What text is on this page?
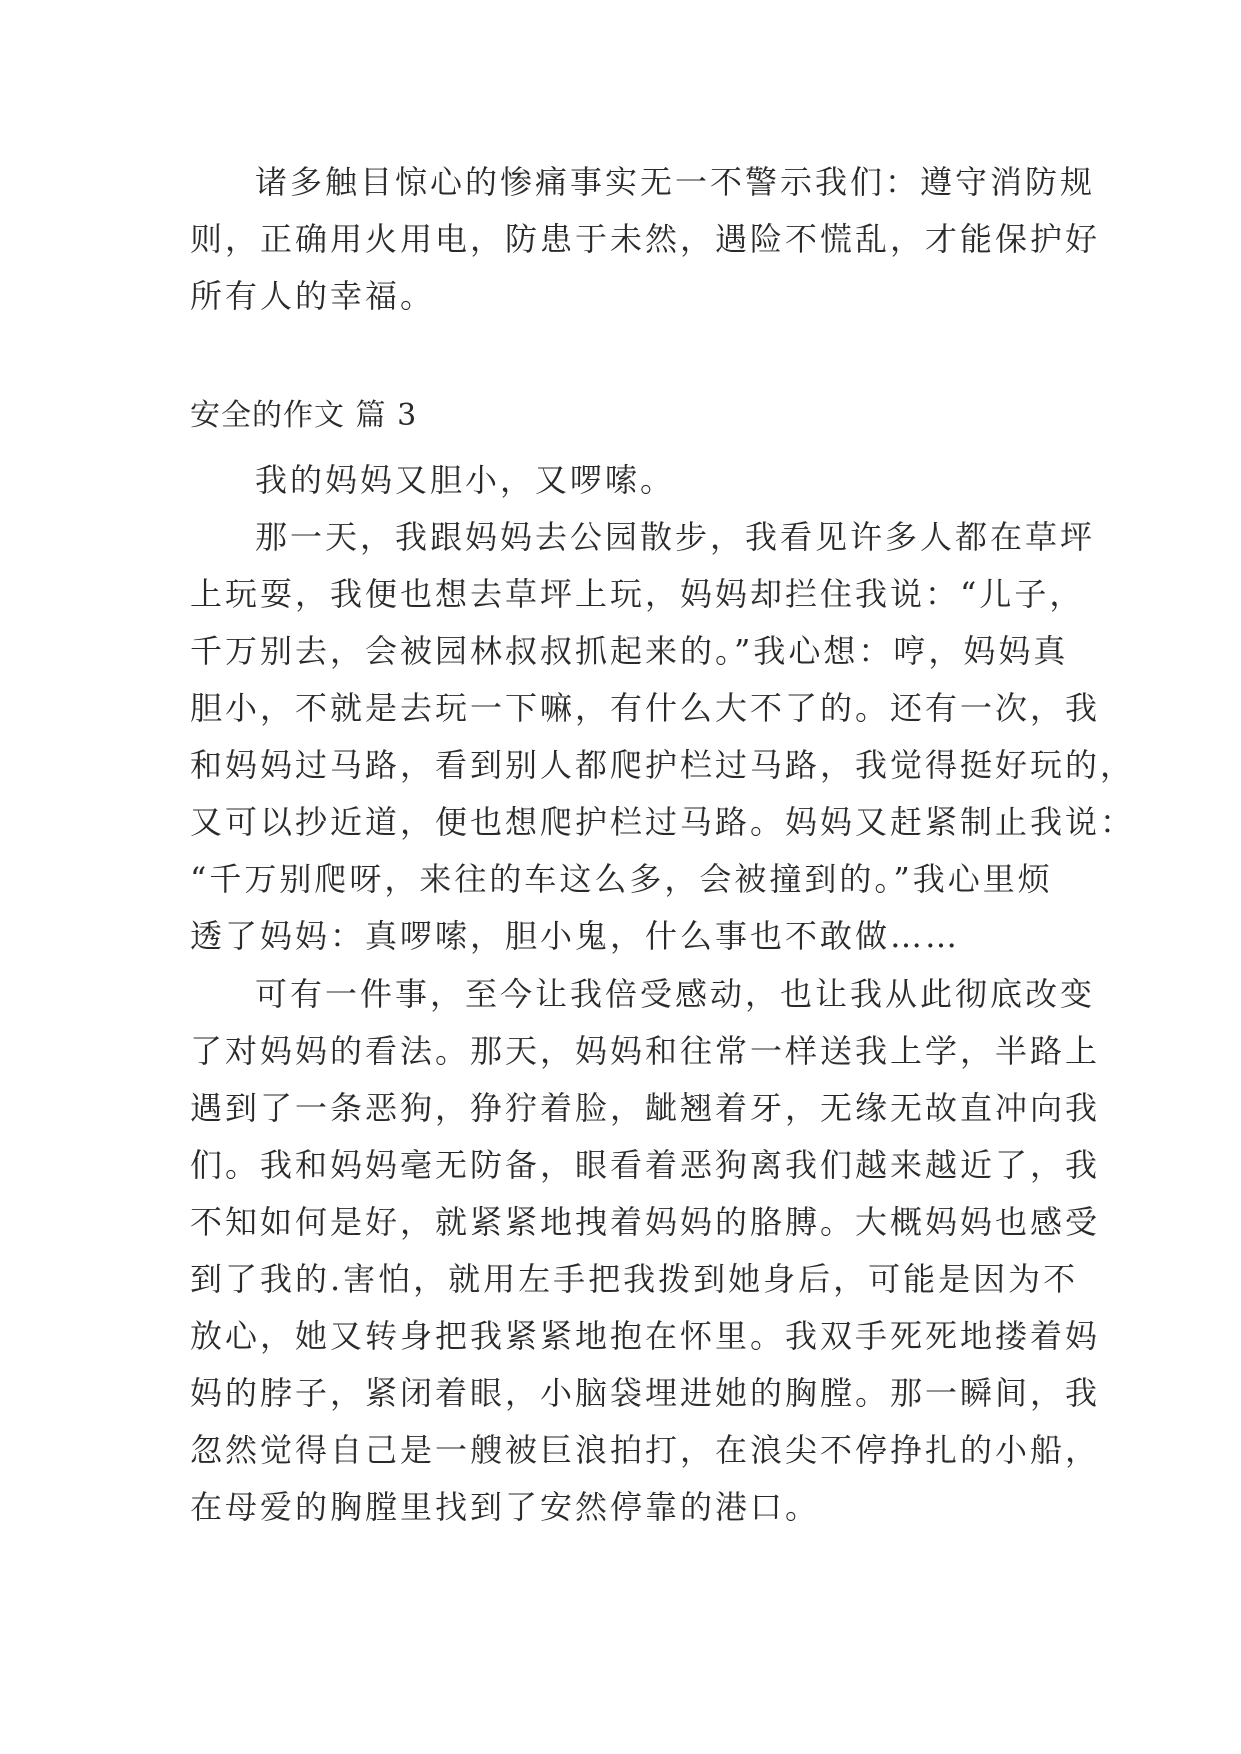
诸多触目惊心的惨痛事实无一不警示我们：遵守消防规
则，正确用火用电，防患于未然，遇险不慌乱，才能保护好
所有人的幸福。
安全的作文 篇 3
我的妈妈又胆小，又啰嗦。
那一天，我跟妈妈去公园散步，我看见许多人都在草坪
上玩耍，我便也想去草坪上玩，妈妈却拦住我说：“儿子，
千万别去，会被园林叔叔抓起来的。”我心想：哼，妈妈真
胆小，不就是去玩一下嘛，有什么大不了的。还有一次，我
和妈妈过马路，看到别人都爬护栏过马路，我觉得挺好玩的，
又可以抄近道，便也想爬护栏过马路。妈妈又赶紧制止我说：
“千万别爬呀，来往的车这么多，会被撞到的。”我心里烦
透了妈妈：真啰嗦，胆小鬼，什么事也不敢做……
可有一件事，至今让我倍受感动，也让我从此彻底改变
了对妈妈的看法。那天，妈妈和往常一样送我上学，半路上
遇到了一条恶狗，狰狞着脸，龇翘着牙，无缘无故直冲向我
们。我和妈妈毫无防备，眼看着恶狗离我们越来越近了，我
不知如何是好，就紧紧地拽着妈妈的胳膊。大概妈妈也感受
到了我的.害怕，就用左手把我拨到她身后，可能是因为不
放心，她又转身把我紧紧地抱在怀里。我双手死死地搂着妈
妈的脖子，紧闭着眼，小脑袋埋进她的胸膛。那一瞬间，我
忽然觉得自己是一艘被巨浪拍打，在浪尖不停挣扎的小船，
在母爱的胸膛里找到了安然停靠的港口。
